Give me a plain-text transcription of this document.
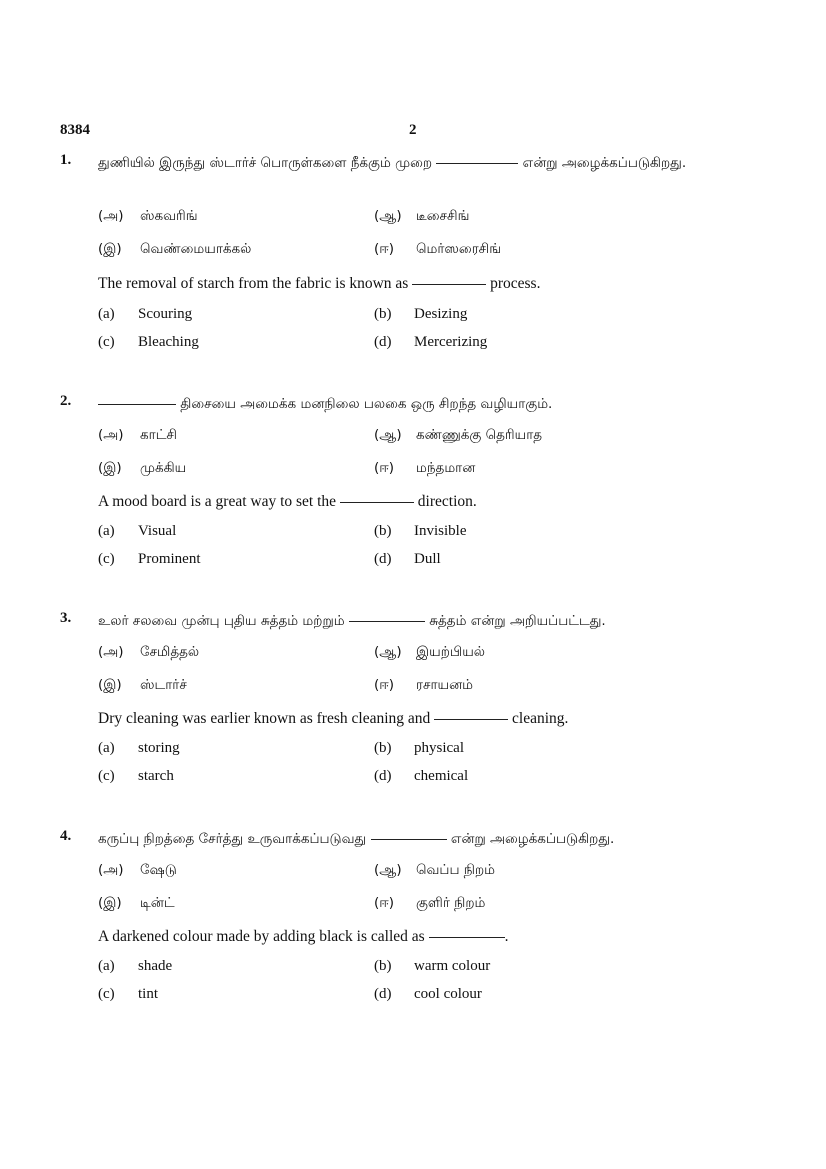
8384	2
1. துணியில் இருந்து ஸ்டார்ச் பொருள்களை நீக்கும் முறை	என்று அழைக்கப்படுகிறது.
(அ) ஸ்கவரிங்	(ஆ) டீசைசிங்
(இ) வெண்மையாக்கல்	(ஈ) மெர்ஸரைசிங்
The removal of starch from the fabric is known as	process.
(a) Scouring	(b) Desizing
(c) Bleaching	(d) Mercerizing
2.	திசையை அமைக்க மனநிலை பலகை ஒரு சிறந்த வழியாகும்.
(அ) காட்சி	(ஆ) கண்ணுக்கு தெரியாத
(இ) முக்கிய	(ஈ) மந்தமான
A mood board is a great way to set the	direction.
(a) Visual	(b) Invisible
(c) Prominent	(d) Dull
3. உலர் சலவை முன்பு புதிய சுத்தம் மற்றும்	சுத்தம் என்று அறியப்பட்டது.
(அ) சேமித்தல்	(ஆ) இயற்பியல்
(இ) ஸ்டார்ச்	(ஈ) ரசாயனம்
Dry cleaning was earlier known as fresh cleaning and	cleaning.
(a) storing	(b) physical
(c) starch	(d) chemical
4. கருப்பு நிறத்தை சேர்த்து உருவாக்கப்படுவது	என்று அழைக்கப்படுகிறது.
(அ) ஷேடு	(ஆ) வெப்ப நிறம்
(இ) டின்ட்	(ஈ) குளிர் நிறம்
A darkened colour made by adding black is called as	.
(a) shade	(b) warm colour
(c) tint	(d) cool colour
